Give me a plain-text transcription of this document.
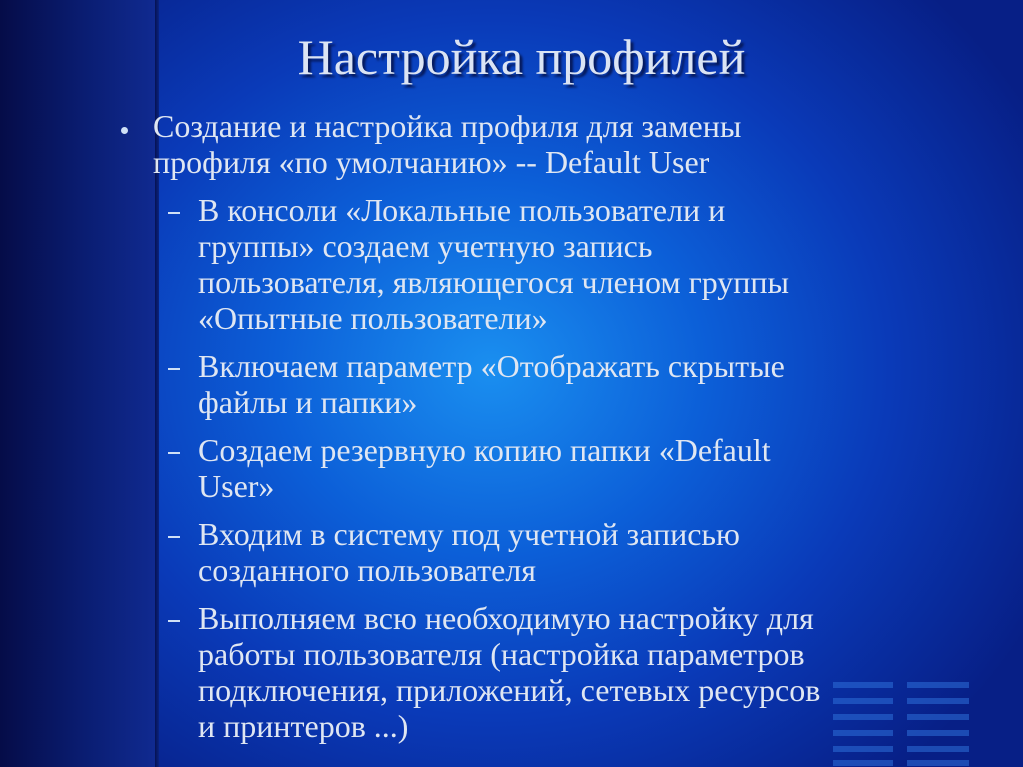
Настройка профилей
Создание и настройка профиля для замены
профиля «по умолчанию» -- Default User
В консоли «Локальные пользователи и
группы» создаем учетную запись
пользователя, являющегося членом группы
«Опытные пользователи»
Включаем параметр «Отображать скрытые
файлы и папки»
Создаем резервную копию папки «Default
User»
Входим в систему под учетной записью
созданного пользователя
Выполняем всю необходимую настройку для
работы пользователя (настройка параметров
подключения, приложений, сетевых ресурсов
и принтеров ...)
